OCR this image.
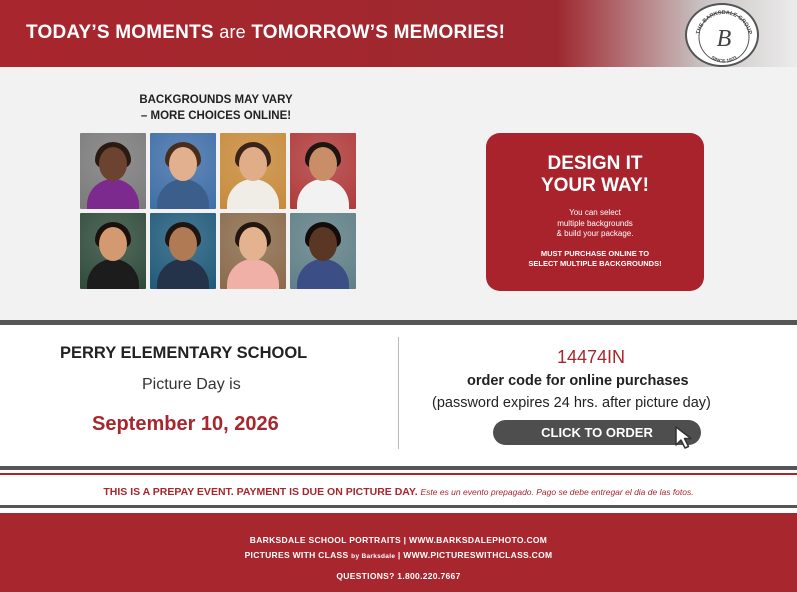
TODAY’S MOMENTS are TOMORROW’S MEMORIES!	THE BARKSDALE GROUP
B
SINCE 1923
BACKGROUNDS MAY VARY
– MORE CHOICES ONLINE!
DESIGN IT
YOUR WAY!
You can select
multiple backgrounds
& build your package.
MUST PURCHASE ONLINE TO
SELECT MULTIPLE BACKGROUNDS!
PERRY ELEMENTARY SCHOOL
Picture Day is
September 10, 2026
14474IN
order code for online purchases
(password expires 24 hrs. after picture day)
CLICK TO ORDER
THIS IS A PREPAY EVENT. PAYMENT IS DUE ON PICTURE DAY. Este es un evento prepagado. Pago se debe entregar el dia de las fotos.
BARKSDALE SCHOOL PORTRAITS | WWW.BARKSDALEPHOTO.COM
PICTURES WITH CLASS by Barksdale | WWW.PICTURESWITHCLASS.COM
QUESTIONS? 1.800.220.7667
